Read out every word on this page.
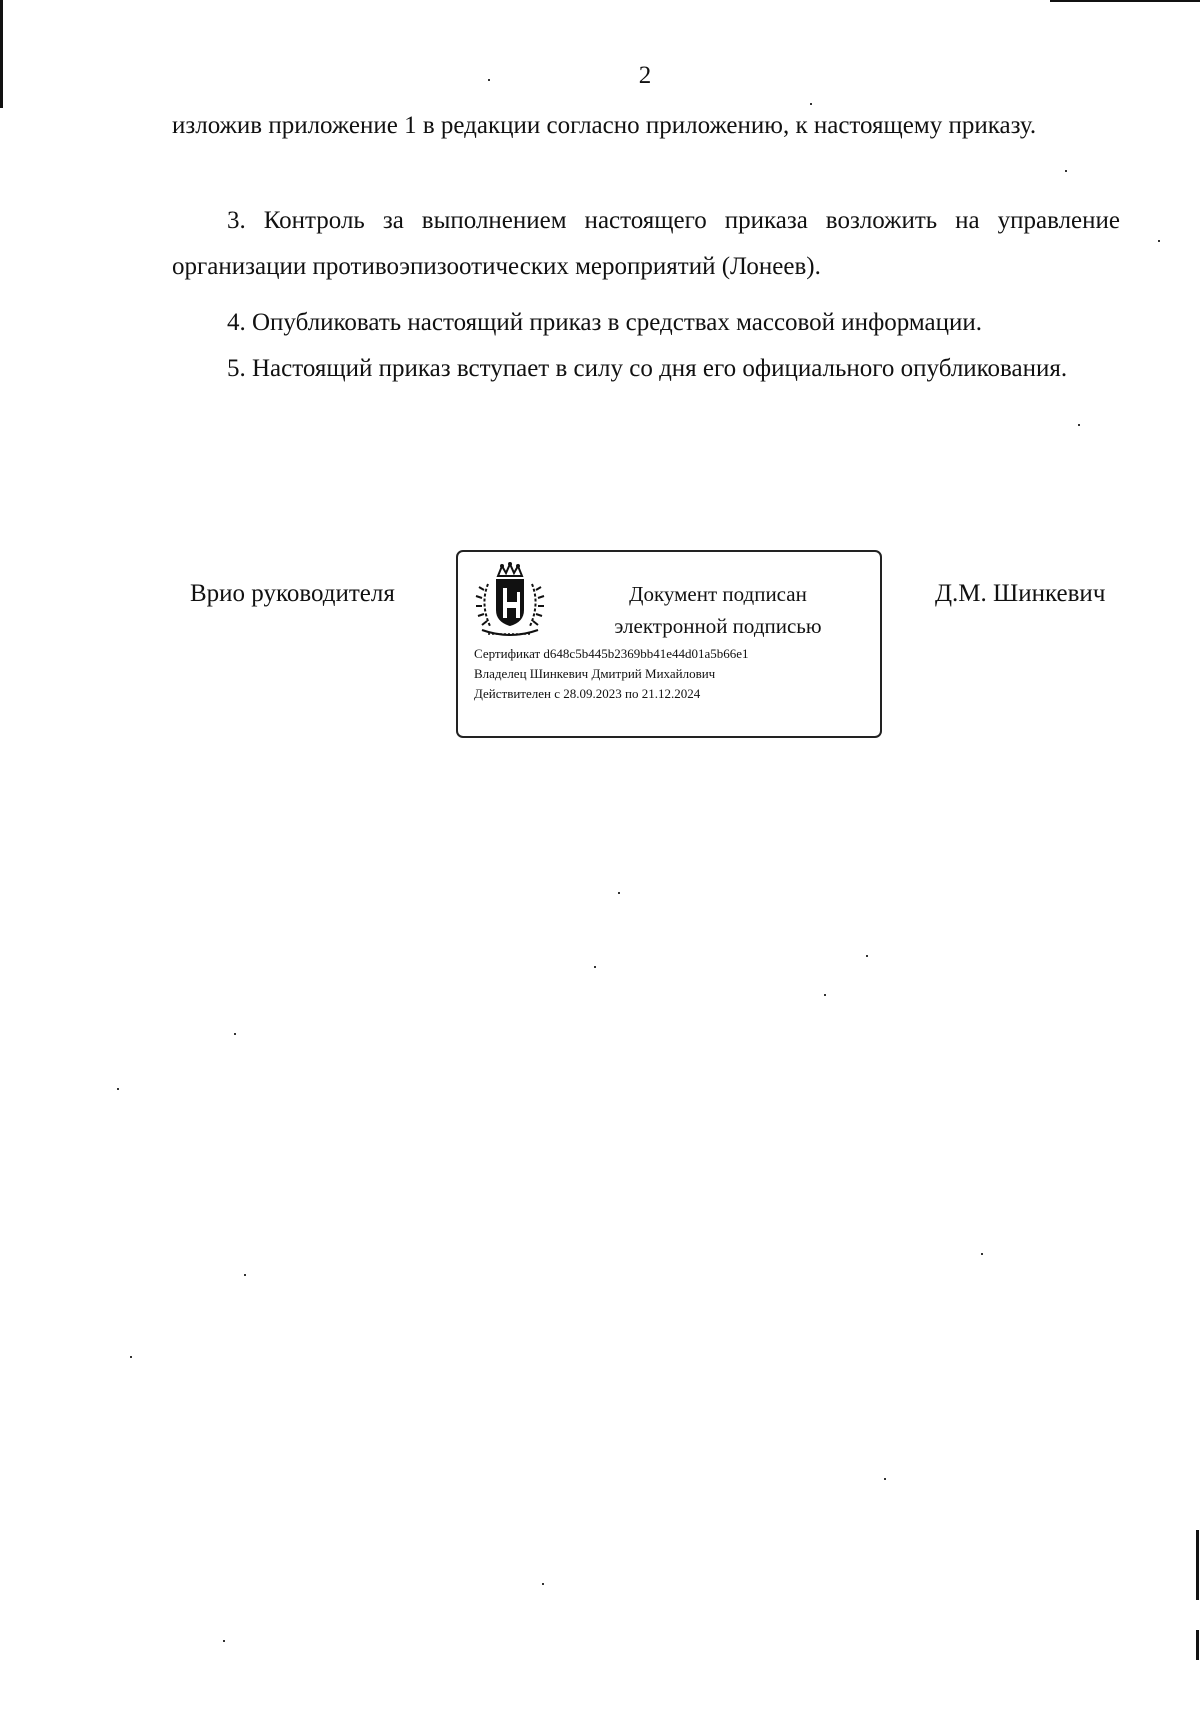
2
изложив приложение 1 в редакции согласно приложению, к настоящему приказу.
3. Контроль за выполнением настоящего приказа возложить на управление организации противоэпизоотических мероприятий (Лонеев).
4. Опубликовать настоящий приказ в средствах массовой информации.
5. Настоящий приказ вступает в силу со дня его официального опубликования.
Врио руководителя	Д.М. Шинкевич
Документ подписан
электронной подписью
Сертификат d648c5b445b2369bb41e44d01a5b66e1
Владелец Шинкевич Дмитрий Михайлович
Действителен с 28.09.2023 по 21.12.2024
